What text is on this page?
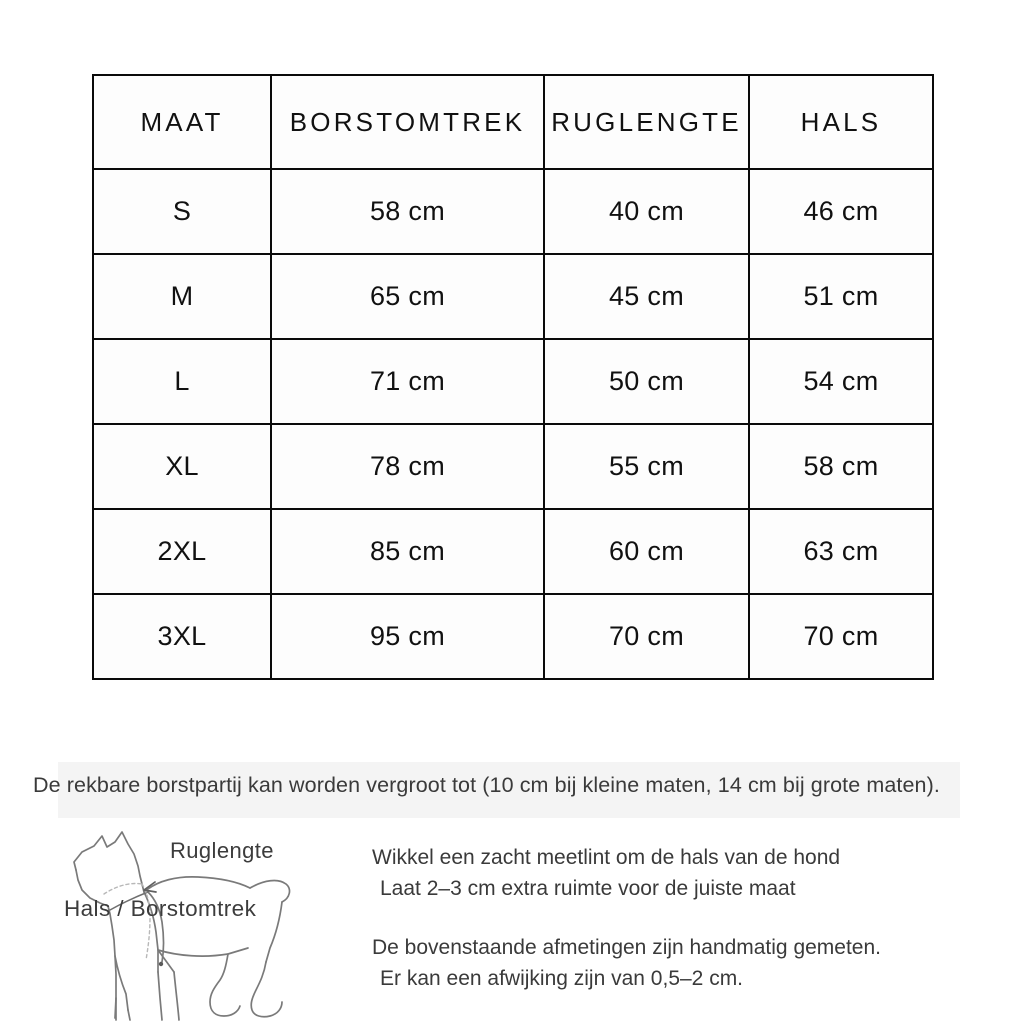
MAAT	BORSTOMTREK	RUGLENGTE	HALS
S	58 cm	40 cm	46 cm
M	65 cm	45 cm	51 cm
L	71 cm	50 cm	54 cm
XL	78 cm	55 cm	58 cm
2XL	85 cm	60 cm	63 cm
3XL	95 cm	70 cm	70 cm
De rekbare borstpartij kan worden vergroot tot (10 cm bij kleine maten, 14 cm bij grote maten).
Ruglengte
Hals / Borstomtrek
Wikkel een zacht meetlint om de hals van de hond
Laat 2–3 cm extra ruimte voor de juiste maat
De bovenstaande afmetingen zijn handmatig gemeten.
Er kan een afwijking zijn van 0,5–2 cm.
